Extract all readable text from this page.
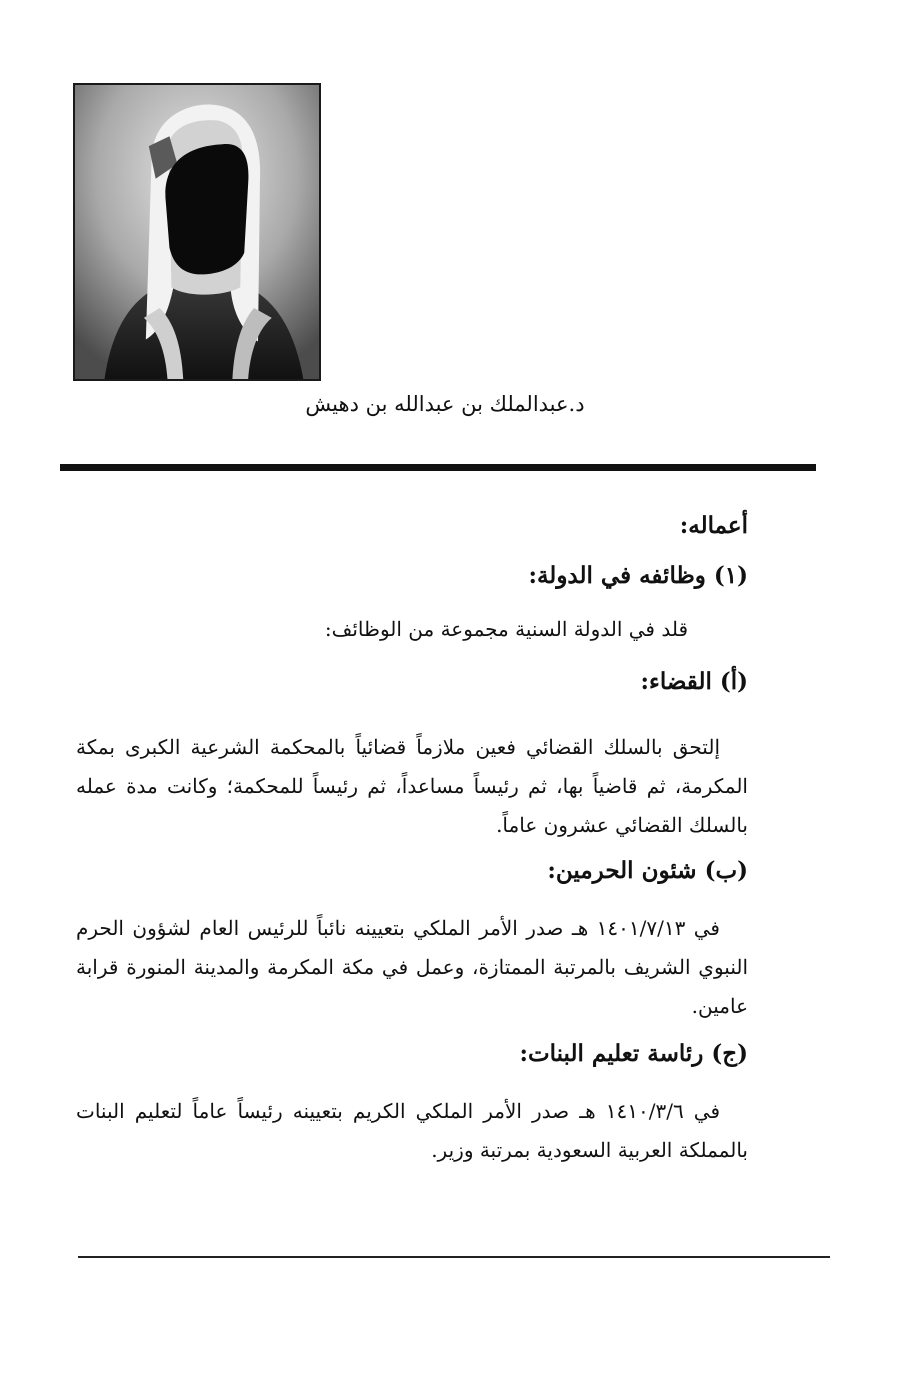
د.عبدالملك بن عبدالله بن دهيش

أعماله:

(١) وظائفه في الدولة:

قلد في الدولة السنية مجموعة من الوظائف:

(أ) القضاء:

إلتحق بالسلك القضائي فعين ملازماً قضائياً بالمحكمة الشرعية الكبرى بمكة المكرمة، ثم قاضياً بها، ثم رئيساً مساعداً، ثم رئيساً للمحكمة؛ وكانت مدة عمله بالسلك القضائي عشرون عاماً.

(ب) شئون الحرمين:

في ١٤٠١/٧/١٣ هـ صدر الأمر الملكي بتعيينه نائباً للرئيس العام لشؤون الحرم النبوي الشريف بالمرتبة الممتازة، وعمل في مكة المكرمة والمدينة المنورة قرابة عامين.

(ج) رئاسة تعليم البنات:

في ١٤١٠/٣/٦ هـ صدر الأمر الملكي الكريم بتعيينه رئيساً عاماً لتعليم البنات بالمملكة العربية السعودية بمرتبة وزير.
